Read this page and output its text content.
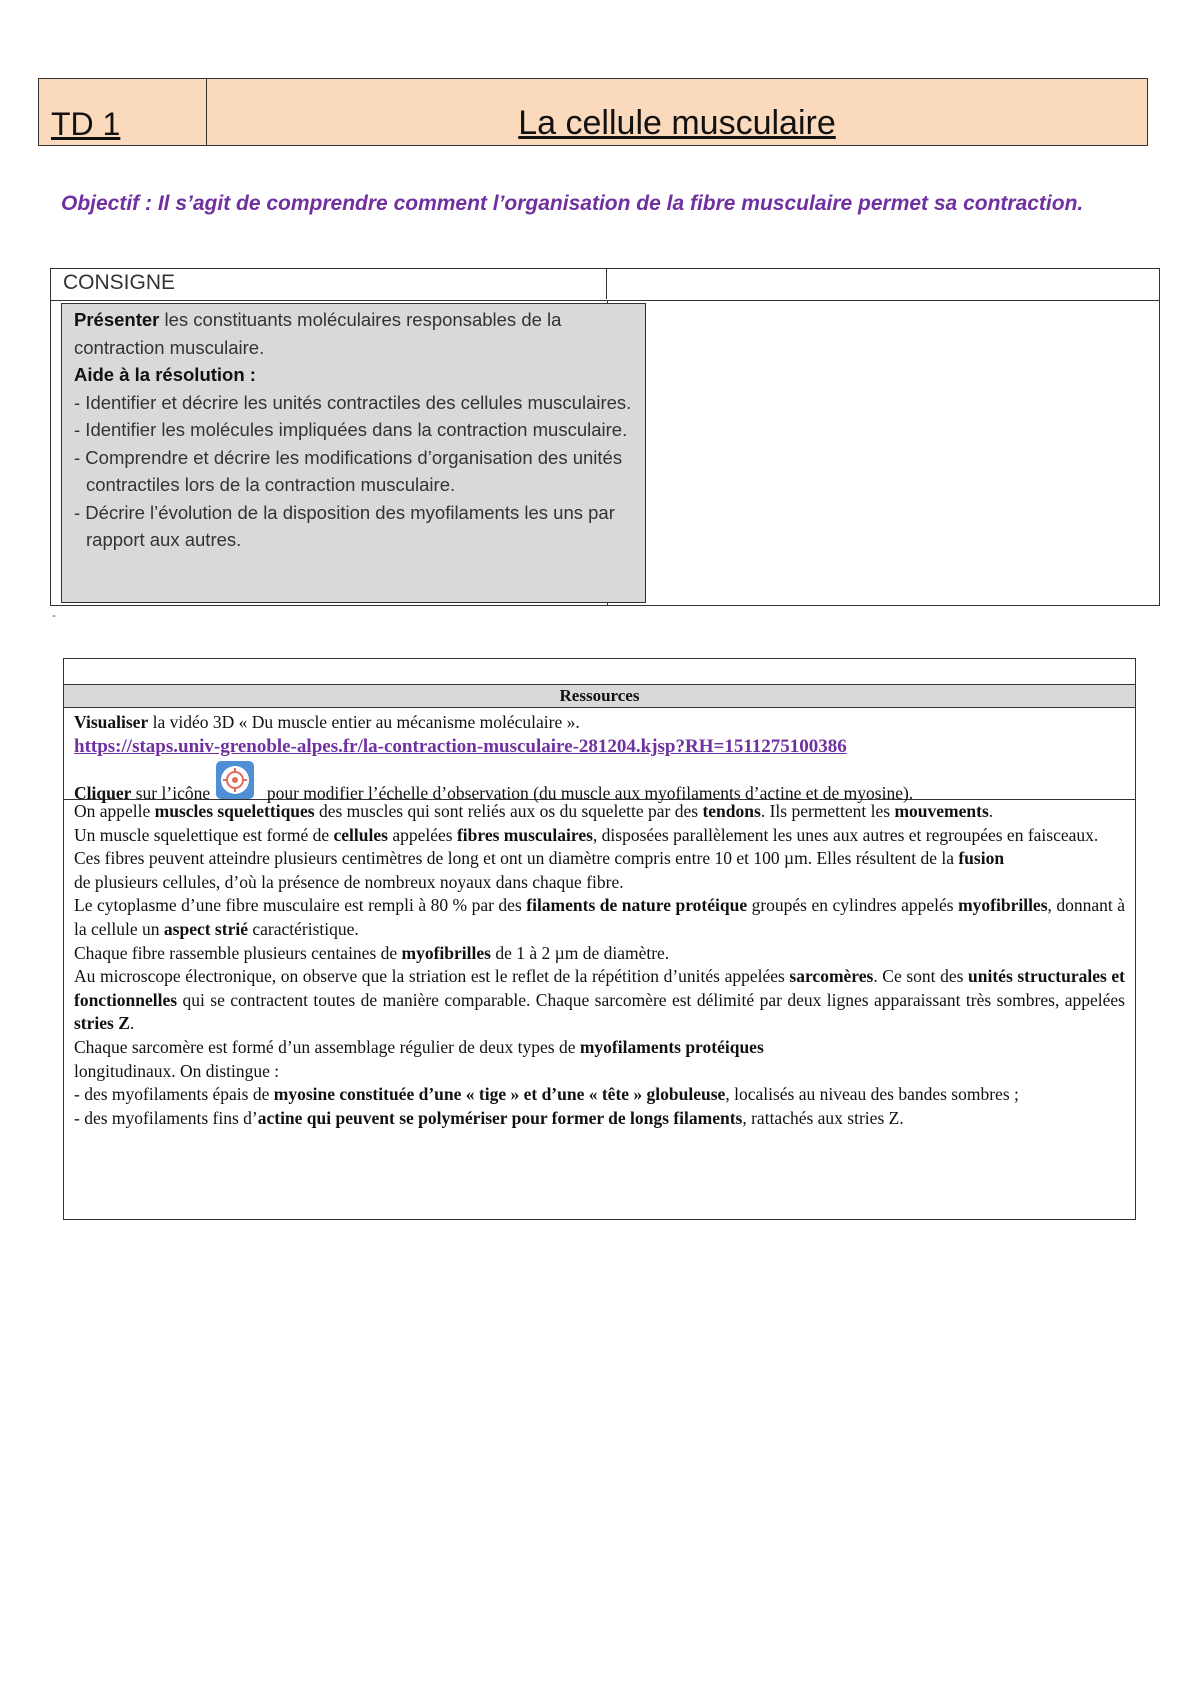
TD 1	La cellule musculaire
Objectif : Il s’agit de comprendre comment l’organisation de la fibre musculaire permet sa contraction.
CONSIGNE
Présenter les constituants moléculaires responsables de la contraction musculaire.
Aide à la résolution :
- Identifier et décrire les unités contractiles des cellules musculaires.
- Identifier les molécules impliquées dans la contraction musculaire.
- Comprendre et décrire les modifications d’organisation des unités contractiles lors de la contraction musculaire.
- Décrire l’évolution de la disposition des myofilaments les uns par rapport aux autres.
-
Ressources
Visualiser la vidéo 3D « Du muscle entier au mécanisme moléculaire ».
https://staps.univ-grenoble-alpes.fr/la-contraction-musculaire-281204.kjsp?RH=1511275100386
Cliquer sur l’icône	pour modifier l’échelle d’observation (du muscle aux myofilaments d’actine et de myosine).

On appelle muscles squelettiques des muscles qui sont reliés aux os du squelette par des tendons. Ils permettent les mouvements.

Un muscle squelettique est formé de cellules appelées fibres musculaires, disposées parallèlement les unes aux autres et regroupées en faisceaux.

Ces fibres peuvent atteindre plusieurs centimètres de long et ont un diamètre compris entre 10 et 100 µm. Elles résultent de la fusion

de plusieurs cellules, d’où la présence de nombreux noyaux dans chaque fibre.

Le cytoplasme d’une fibre musculaire est rempli à 80 % par des filaments de nature protéique groupés en cylindres appelés myofibrilles, donnant à la cellule un aspect strié caractéristique.

Chaque fibre rassemble plusieurs centaines de myofibrilles de 1 à 2 µm de diamètre.

Au microscope électronique, on observe que la striation est le reflet de la répétition d’unités appelées sarcomères. Ce sont des unités structurales et fonctionnelles qui se contractent toutes de manière comparable. Chaque sarcomère est délimité par deux lignes apparaissant très sombres, appelées stries Z.

Chaque sarcomère est formé d’un assemblage régulier de deux types de myofilaments protéiques

longitudinaux. On distingue :

- des myofilaments épais de myosine constituée d’une « tige » et d’une « tête » globuleuse, localisés au niveau des bandes sombres ;

- des myofilaments fins d’actine qui peuvent se polymériser pour former de longs filaments, rattachés aux stries Z.
